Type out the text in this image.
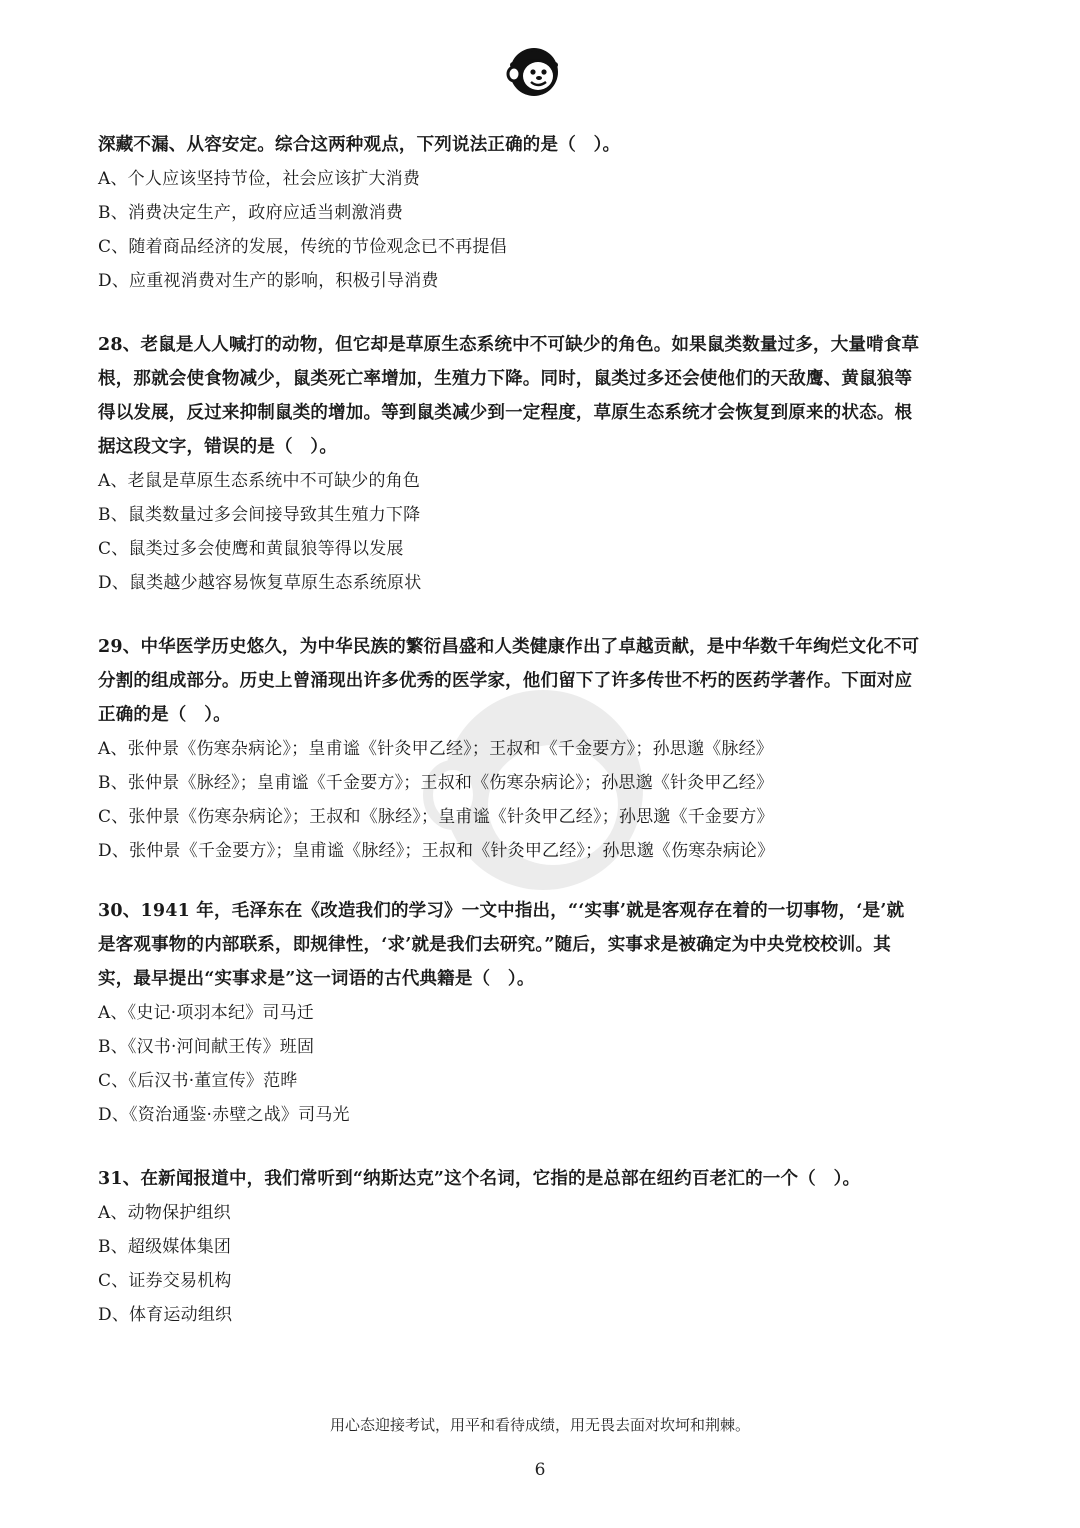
深藏不漏、从容安定。综合这两种观点，下列说法正确的是（　）。

A、个人应该坚持节俭，社会应该扩大消费

B、消费决定生产，政府应适当刺激消费

C、随着商品经济的发展，传统的节俭观念已不再提倡

D、应重视消费对生产的影响，积极引导消费

28、老鼠是人人喊打的动物，但它却是草原生态系统中不可缺少的角色。如果鼠类数量过多，大量啃食草

根，那就会使食物减少，鼠类死亡率增加，生殖力下降。同时，鼠类过多还会使他们的天敌鹰、黄鼠狼等

得以发展，反过来抑制鼠类的增加。等到鼠类减少到一定程度，草原生态系统才会恢复到原来的状态。根

据这段文字，错误的是（　）。

A、老鼠是草原生态系统中不可缺少的角色

B、鼠类数量过多会间接导致其生殖力下降

C、鼠类过多会使鹰和黄鼠狼等得以发展

D、鼠类越少越容易恢复草原生态系统原状

29、中华医学历史悠久，为中华民族的繁衍昌盛和人类健康作出了卓越贡献，是中华数千年绚烂文化不可

分割的组成部分。历史上曾涌现出许多优秀的医学家，他们留下了许多传世不朽的医药学著作。下面对应

正确的是（　）。

A、张仲景《伤寒杂病论》；皇甫谧《针灸甲乙经》；王叔和《千金要方》；孙思邈《脉经》

B、张仲景《脉经》；皇甫谧《千金要方》；王叔和《伤寒杂病论》；孙思邈《针灸甲乙经》

C、张仲景《伤寒杂病论》；王叔和《脉经》；皇甫谧《针灸甲乙经》；孙思邈《千金要方》

D、张仲景《千金要方》；皇甫谧《脉经》；王叔和《针灸甲乙经》；孙思邈《伤寒杂病论》

30、1941 年，毛泽东在《改造我们的学习》一文中指出，“‘实事’就是客观存在着的一切事物，‘是’就

是客观事物的内部联系，即规律性，‘求’就是我们去研究。”随后，实事求是被确定为中央党校校训。其

实，最早提出“实事求是”这一词语的古代典籍是（　）。

A、《史记·项羽本纪》司马迁

B、《汉书·河间献王传》班固

C、《后汉书·董宣传》范晔

D、《资治通鉴·赤壁之战》司马光

31、在新闻报道中，我们常听到“纳斯达克”这个名词，它指的是总部在纽约百老汇的一个（　）。

A、动物保护组织

B、超级媒体集团

C、证券交易机构

D、体育运动组织

用心态迎接考试，用平和看待成绩，用无畏去面对坎坷和荆棘。
6
